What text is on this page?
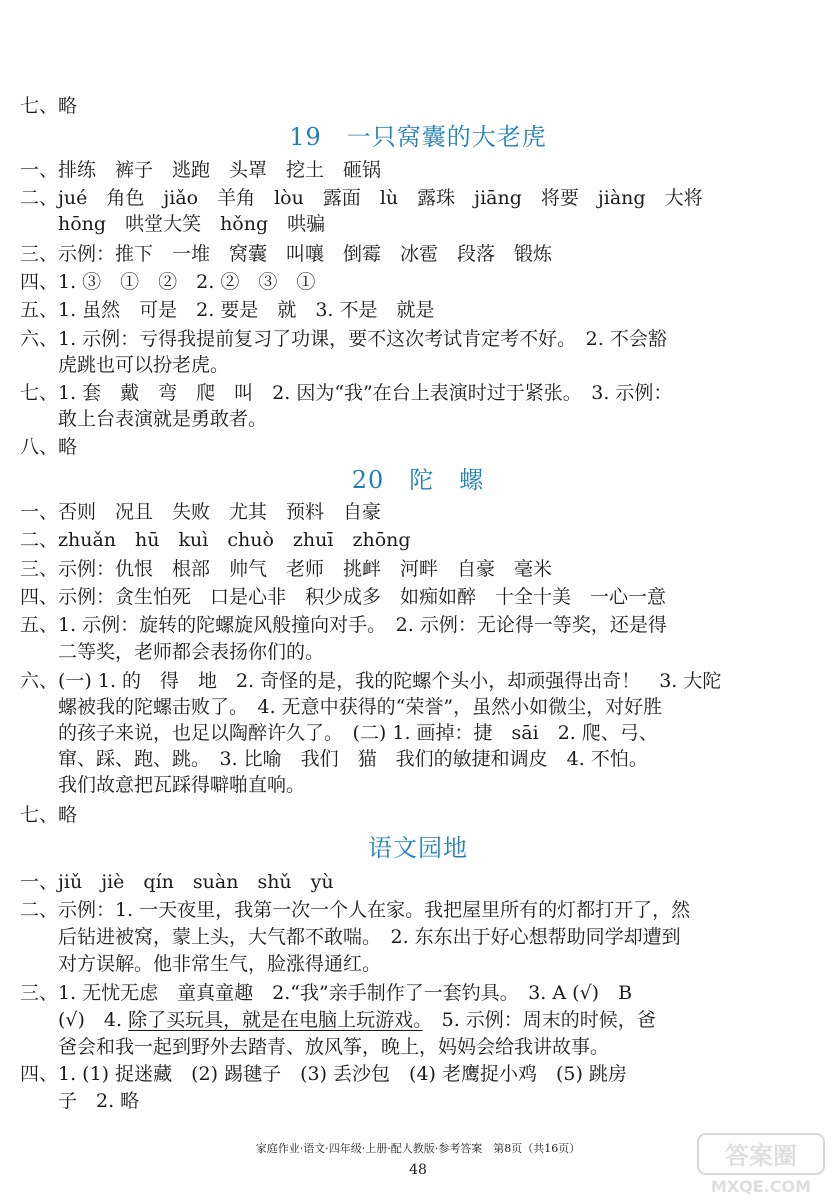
七、略
19　一只窝囊的大老虎
一、排练　裤子　逃跑　头罩　挖土　砸锅
二、jué　角色　jiǎo　羊角　lòu　露面　lù　露珠　jiāng　将要　jiàng　大将
hōng　哄堂大笑　hǒng　哄骗
三、示例：推下　一堆　窝囊　叫嚷　倒霉　冰雹　段落　锻炼
四、1. ③　①　②　2. ②　③　①
五、1. 虽然　可是　2. 要是　就　3. 不是　就是
六、1. 示例：亏得我提前复习了功课，要不这次考试肯定考不好。　2. 不会豁
虎跳也可以扮老虎。
七、1. 套　戴　弯　爬　叫　2. 因为“我”在台上表演时过于紧张。　3. 示例：
敢上台表演就是勇敢者。
八、略
20　陀　螺
一、否则　况且　失败　尤其　预料　自豪
二、zhuǎn　hū　kuì　chuò　zhuī　zhōng
三、示例：仇恨　根部　帅气　老师　挑衅　河畔　自豪　毫米
四、示例：贪生怕死　口是心非　积少成多　如痴如醉　十全十美　一心一意
五、1. 示例：旋转的陀螺旋风般撞向对手。　2. 示例：无论得一等奖，还是得
二等奖，老师都会表扬你们的。
六、(一) 1. 的　得　地　2. 奇怪的是，我的陀螺个头小，却顽强得出奇！　3. 大陀
螺被我的陀螺击败了。　4. 无意中获得的“荣誉”，虽然小如微尘，对好胜
的孩子来说，也足以陶醉许久了。　(二) 1. 画掉：捷　sāi　2. 爬、弓、
窜、踩、跑、跳。　3. 比喻　我们　猫　我们的敏捷和调皮　4. 不怕。
我们故意把瓦踩得噼啪直响。
七、略
语文园地
一、jiǔ　jiè　qín　suàn　shǔ　yù
二、示例：1. 一天夜里，我第一次一个人在家。我把屋里所有的灯都打开了，然
后钻进被窝，蒙上头，大气都不敢喘。　2. 东东出于好心想帮助同学却遭到
对方误解。他非常生气，脸涨得通红。
三、1. 无忧无虑　童真童趣　2.“我”亲手制作了一套钓具。　3. A (√)　B
(√)　4. 除了买玩具，就是在电脑上玩游戏。　5. 示例：周末的时候，爸
爸会和我一起到野外去踏青、放风筝，晚上，妈妈会给我讲故事。
四、1. (1) 捉迷藏　(2) 踢毽子　(3) 丢沙包　(4) 老鹰捉小鸡　(5) 跳房
子　2. 略
家庭作业·语文·四年级·上册·配人教版·参考答案　第8页（共16页）
48	答案圈
MXQE.COM
